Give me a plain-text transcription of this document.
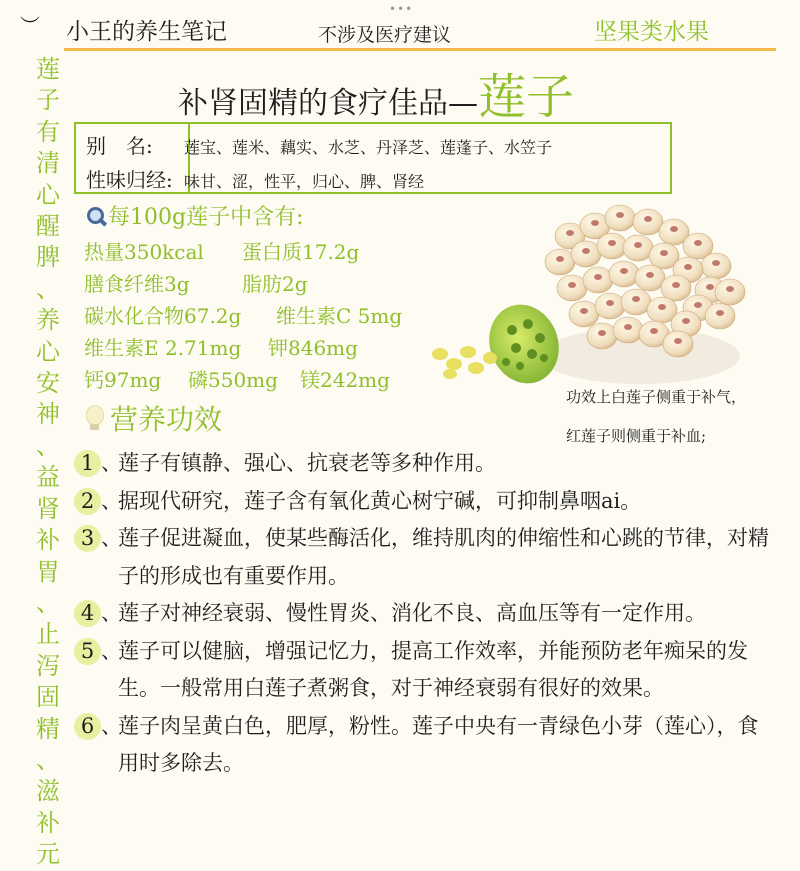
•••
︶ 小王的养生笔记	不涉及医疗建议	坚果类水果
莲
子
有
清
心
醒
脾
、
养
心
安
神
、
益
肾
补
胃
、
止
泻
固
精
、
滋
补
元
补肾固精的食疗佳品—莲子
别　名: 莲宝、莲米、藕实、水芝、丹泽芝、莲蓬子、水笠子
性味归经: 味甘、涩，性平，归心、脾、肾经
每100g莲子中含有:
热量350kcal 蛋白质17.2g
膳食纤维3g	脂肪2g
碳水化合物67.2g 维生素C 5mg
维生素E 2.71mg 钾846mg
钙97mg 磷550mg 镁242mg
功效上白莲子侧重于补气，
红莲子则侧重于补血;
营养功效
1 、
莲子有镇静、强心、抗衰老等多种作用。
2 、
据现代研究，莲子含有氧化黄心树宁碱，可抑制鼻咽ai。
3 、
莲子促进凝血，使某些酶活化，维持肌肉的伸缩性和心跳的节律，对精子的形成也有重要作用。
4 、
莲子对神经衰弱、慢性胃炎、消化不良、高血压等有一定作用。
5 、
莲子可以健脑，增强记忆力，提高工作效率，并能预防老年痴呆的发生。一般常用白莲子煮粥食，对于神经衰弱有很好的效果。
6 、
莲子肉呈黄白色，肥厚，粉性。莲子中央有一青绿色小芽（莲心），食用时多除去。
